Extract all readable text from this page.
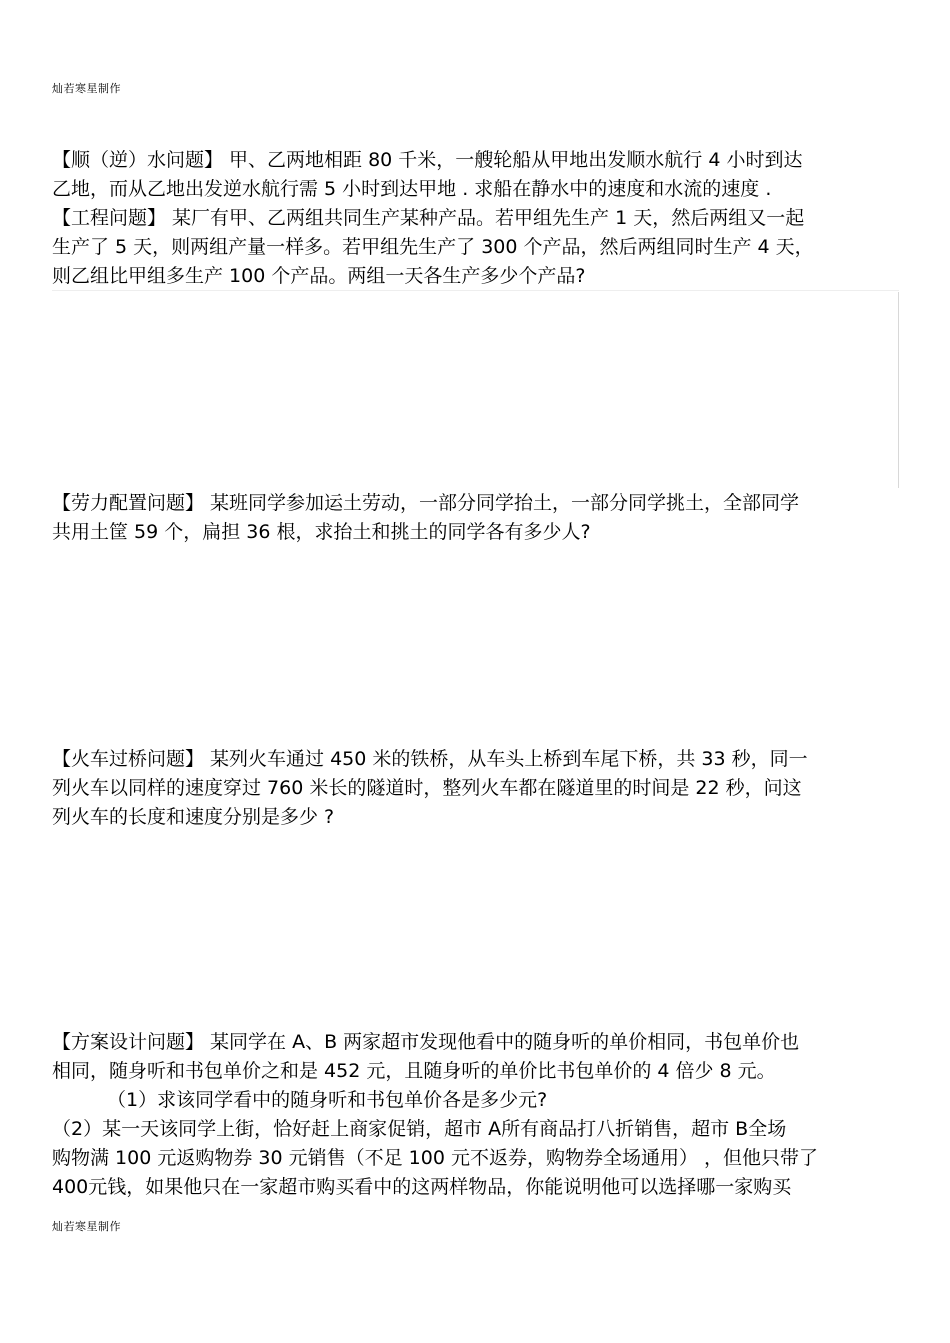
灿若寒星制作
【顺（逆）水问题】 甲、乙两地相距 80 千米，一艘轮船从甲地出发顺水航行 4 小时到达
乙地，而从乙地出发逆水航行需 5 小时到达甲地 . 求船在静水中的速度和水流的速度 .
【工程问题】 某厂有甲、乙两组共同生产某种产品。若甲组先生产 1 天，然后两组又一起
生产了 5 天，则两组产量一样多。若甲组先生产了 300 个产品，然后两组同时生产 4 天，
则乙组比甲组多生产 100 个产品。两组一天各生产多少个产品?
【劳力配置问题】 某班同学参加运土劳动，一部分同学抬土，一部分同学挑土，全部同学
共用土筐 59 个，扁担 36 根，求抬土和挑土的同学各有多少人?
【火车过桥问题】 某列火车通过 450 米的铁桥，从车头上桥到车尾下桥，共 33 秒，同一
列火车以同样的速度穿过 760 米长的隧道时，整列火车都在隧道里的时间是 22 秒，问这
列火车的长度和速度分别是多少 ?
【方案设计问题】 某同学在 A、B 两家超市发现他看中的随身听的单价相同，书包单价也
相同，随身听和书包单价之和是 452 元，且随身听的单价比书包单价的 4 倍少 8 元。
（1）求该同学看中的随身听和书包单价各是多少元?
（2）某一天该同学上街，恰好赶上商家促销，超市 A所有商品打八折销售，超市 B全场
购物满 100 元返购物券 30 元销售（不足 100 元不返券，购物券全场通用） ，但他只带了
400元钱，如果他只在一家超市购买看中的这两样物品，你能说明他可以选择哪一家购买
灿若寒星制作
